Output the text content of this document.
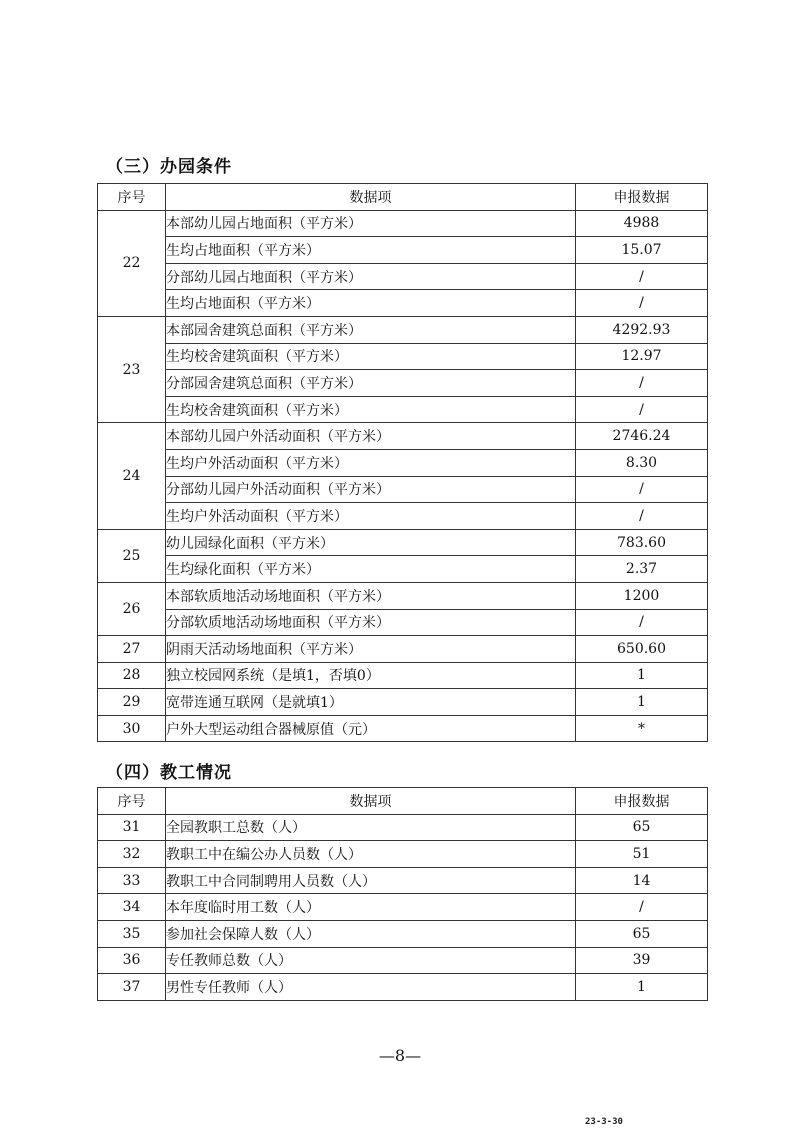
（三）办园条件
序号	数据项	申报数据
22	本部幼儿园占地面积（平方米）	4988
	生均占地面积（平方米）	15.07
	分部幼儿园占地面积（平方米）	/
	生均占地面积（平方米）	/
23	本部园舍建筑总面积（平方米）	4292.93
	生均校舍建筑面积（平方米）	12.97
	分部园舍建筑总面积（平方米）	/
	生均校舍建筑面积（平方米）	/
24	本部幼儿园户外活动面积（平方米）	2746.24
	生均户外活动面积（平方米）	8.30
	分部幼儿园户外活动面积（平方米）	/
	生均户外活动面积（平方米）	/
25	幼儿园绿化面积（平方米）	783.60
	生均绿化面积（平方米）	2.37
26	本部软质地活动场地面积（平方米）	1200
	分部软质地活动场地面积（平方米）	/
27	阴雨天活动场地面积（平方米）	650.60
28	独立校园网系统（是填1，否填0）	1
29	宽带连通互联网（是就填1）	1
30	户外大型运动组合器械原值（元）	*
（四）教工情况
序号	数据项	申报数据
31	全园教职工总数（人）	65
32	教职工中在编公办人员数（人）	51
33	教职工中合同制聘用人员数（人）	14
34	本年度临时用工数（人）	/
35	参加社会保障人数（人）	65
36	专任教师总数（人）	39
37	男性专任教师（人）	1
—8—
23-3-30
